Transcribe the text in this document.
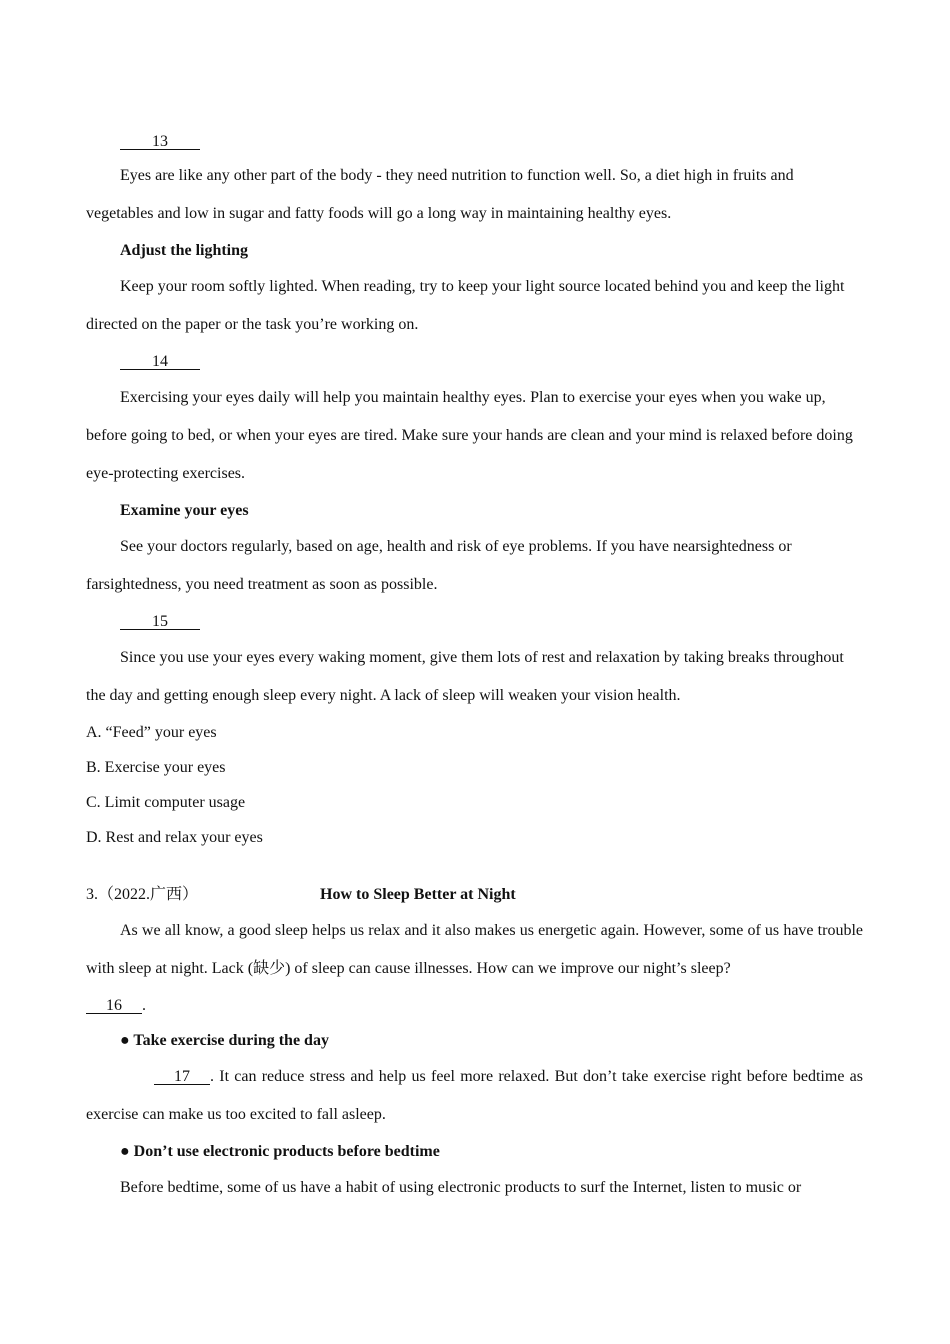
13

Eyes are like any other part of the body - they need nutrition to function well. So, a diet high in fruits and vegetables and low in sugar and fatty foods will go a long way in maintaining healthy eyes.

Adjust the lighting

Keep your room softly lighted. When reading, try to keep your light source located behind you and keep the light directed on the paper or the task you’re working on.

14

Exercising your eyes daily will help you maintain healthy eyes. Plan to exercise your eyes when you wake up, before going to bed, or when your eyes are tired. Make sure your hands are clean and your mind is relaxed before doing eye-protecting exercises.

Examine your eyes

See your doctors regularly, based on age, health and risk of eye problems. If you have nearsightedness or farsightedness, you need treatment as soon as possible.

15

Since you use your eyes every waking moment, give them lots of rest and relaxation by taking breaks throughout the day and getting enough sleep every night. A lack of sleep will weaken your vision health.

A. “Feed” your eyes
B. Exercise your eyes
C. Limit computer usage
D. Rest and relax your eyes
3.（2022.广西）	How to Sleep Better at Night

As we all know, a good sleep helps us relax and it also makes us energetic again. However, some of us have trouble with sleep at night. Lack (缺少) of sleep can cause illnesses. How can we improve our night’s sleep?

16     .
● Take exercise during the day

17     . It can reduce stress and help us feel more relaxed. But don’t take exercise right before bedtime as exercise can make us too excited to fall asleep.

● Don’t use electronic products before bedtime

Before bedtime, some of us have a habit of using electronic products to surf the Internet, listen to music or
